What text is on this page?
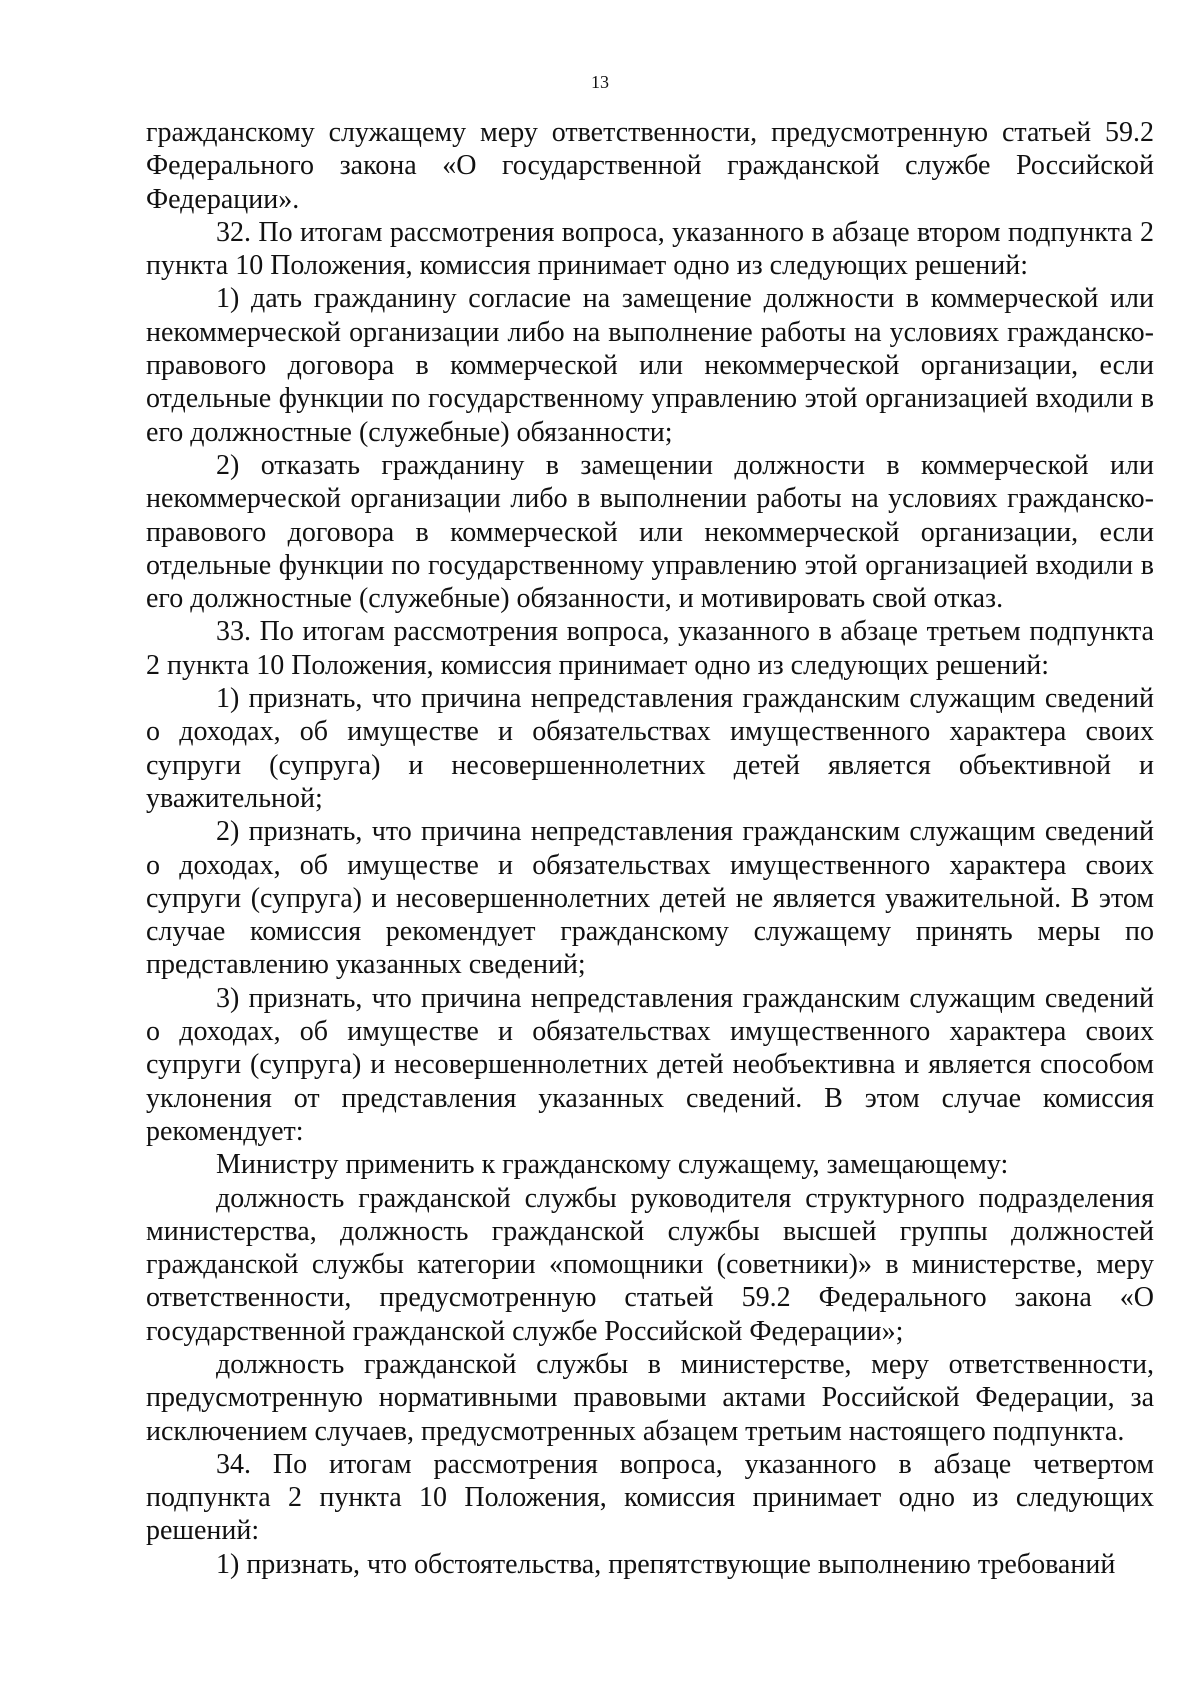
13

гражданскому служащему меру ответственности, предусмотренную статьей 59.2 Федерального закона «О государственной гражданской службе Российской Федерации».

32. По итогам рассмотрения вопроса, указанного в абзаце втором подпункта 2 пункта 10 Положения, комиссия принимает одно из следующих решений:

1) дать гражданину согласие на замещение должности в коммерческой или некоммерческой организации либо на выполнение работы на условиях гражданско-правового договора в коммерческой или некоммерческой организации, если отдельные функции по государственному управлению этой организацией входили в его должностные (служебные) обязанности;

2) отказать гражданину в замещении должности в коммерческой или некоммерческой организации либо в выполнении работы на условиях гражданско-правового договора в коммерческой или некоммерческой организации, если отдельные функции по государственному управлению этой организацией входили в его должностные (служебные) обязанности, и мотивировать свой отказ.

33. По итогам рассмотрения вопроса, указанного в абзаце третьем подпункта 2 пункта 10 Положения, комиссия принимает одно из следующих решений:

1) признать, что причина непредставления гражданским служащим сведений о доходах, об имуществе и обязательствах имущественного характера своих супруги (супруга) и несовершеннолетних детей является объективной и уважительной;

2) признать, что причина непредставления гражданским служащим сведений о доходах, об имуществе и обязательствах имущественного характера своих супруги (супруга) и несовершеннолетних детей не является уважительной. В этом случае комиссия рекомендует гражданскому служащему принять меры по представлению указанных сведений;

3) признать, что причина непредставления гражданским служащим сведений о доходах, об имуществе и обязательствах имущественного характера своих супруги (супруга) и несовершеннолетних детей необъективна и является способом уклонения от представления указанных сведений. В этом случае комиссия рекомендует:

Министру применить к гражданскому служащему, замещающему:

должность гражданской службы руководителя структурного подразделения министерства, должность гражданской службы высшей группы должностей гражданской службы категории «помощники (советники)» в министерстве, меру ответственности, предусмотренную статьей 59.2 Федерального закона «О государственной гражданской службе Российской Федерации»;

должность гражданской службы в министерстве, меру ответственности, предусмотренную нормативными правовыми актами Российской Федерации, за исключением случаев, предусмотренных абзацем третьим настоящего подпункта.

34. По итогам рассмотрения вопроса, указанного в абзаце четвертом подпункта 2 пункта 10 Положения, комиссия принимает одно из следующих решений:

1) признать, что обстоятельства, препятствующие выполнению требований
